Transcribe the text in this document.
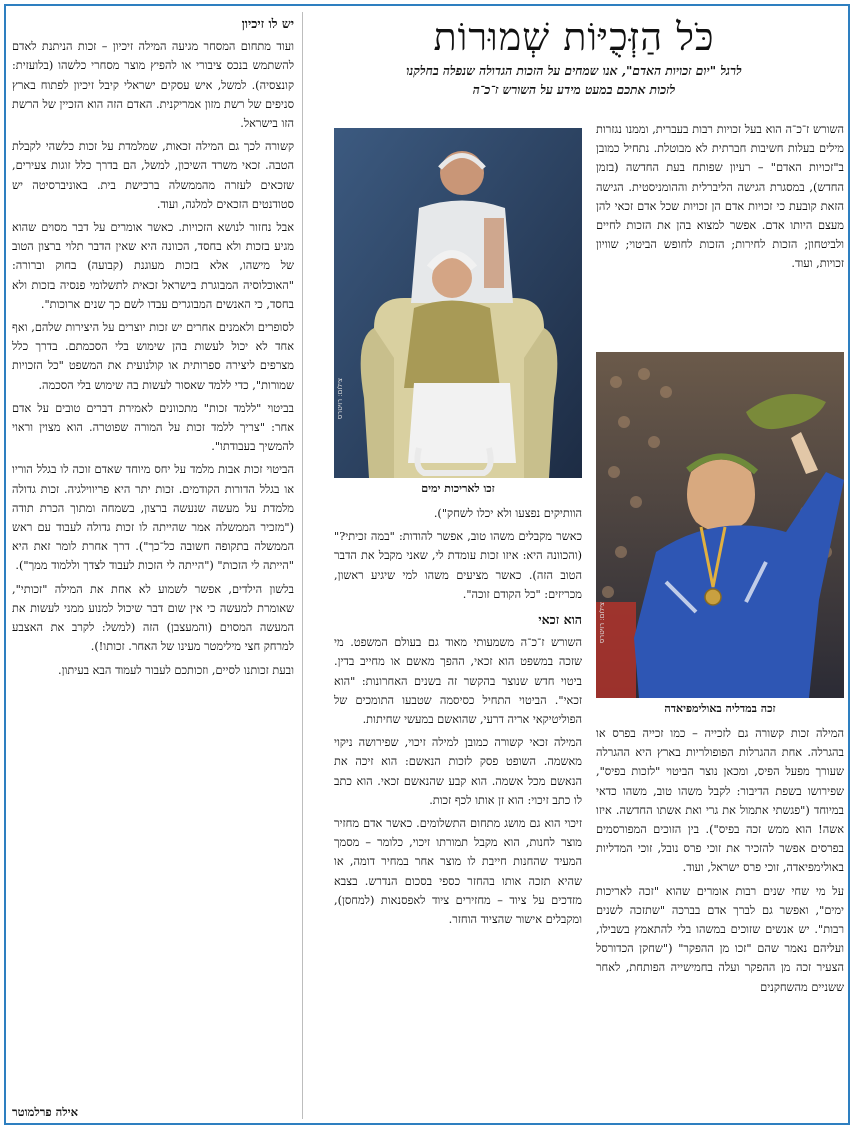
כֹּל הַזְּכֻיּוֹת שְׁמוּרוֹת
לרגל "יום זכויות האדם", אנו שמחים על הזכות הגדולה שנפלה בחלקנו
לזכות אתכם במעט מידע על השורש ז־כ־ה

השורש ז־כ־ה הוא בעל זכויות רבות בעברית, וממנו נגזרות מילים בעלות חשיבות חברתית לא מבוטלת. נתחיל כמובן ב"זכויות האדם" – רעיון שפותח בעת החדשה (בזמן החדש), במסגרת הגישה הליברלית וההומניסטית. הגישה הזאת קובעת כי זכויות אדם הן זכויות שכל אדם זכאי להן מעצם היותו אדם. אפשר למצוא בהן את הזכות לחיים ולביטחון; הזכות לחירות; הזכות לחופש הביטוי; שוויון זכויות, ועוד.

צילום: רויטרס
זכה במדליה באולימפיאדה

המילה זכות קשורה גם לזכייה – כמו זכייה בפרס או בהגרלה. אחת ההגרלות הפופולריות בארץ היא ההגרלה שעורך מפעל הפיס, ומכאן נוצר הביטוי "לזכות בפיס", שפירושו בשפת הדיבור: לקבל משהו טוב, משהו כדאי במיוחד ("פגשתי אתמול את גרי ואת אשתו החדשה. איזו אשה! הוא ממש זכה בפיס"). בין הזוכים המפורסמים בפרסים אפשר להזכיר את זוכי פרס נובל, זוכי המדליות באולימפיאדה, זוכי פרס ישראל, ועוד.

על מי שחי שנים רבות אומרים שהוא "זכה לאריכות ימים", ואפשר גם לברך אדם בברכה "שתזכה לשנים רבות". יש אנשים שזוכים במשהו בלי להתאמץ בשבילו, ועליהם נאמר שהם "זכו מן ההפקר" ("שחקן הכדורסל הצעיר זכה מן ההפקר ועלה בחמישייה הפותחת, לאחר ששניים מהשחקנים

צילום: רויטרס
זכו לאריכות ימים

הוותיקים נפצעו ולא יכלו לשחק").

כאשר מקבלים משהו טוב, אפשר להודות: "במה זכיתי?" (והכוונה היא: איזו זכות עומדת לי, שאני מקבל את הדבר הטוב הזה). כאשר מציעים משהו למי שיגיע ראשון, מכריזים: "כל הקודם זוכה".

הוא זכאי

השורש ז־כ־ה משמעותי מאוד גם בעולם המשפט. מי שזכה במשפט הוא זכאי, ההפך מאשם או מחייב בדין. ביטוי חדש שנוצר בהקשר זה בשנים האחרונות: "הוא זכאי". הביטוי התחיל כסיסמה שטבעו התומכים של הפוליטיקאי אריה דרעי, שהואשם במעשי שחיתות.

המילה זכאי קשורה כמובן למילה זיכוי, שפירושה ניקוי מאשמה. השופט פסק לזכות הנאשם: הוא זיכה את הנאשם מכל אשמה. הוא קבע שהנאשם זכאי. הוא כתב לו כתב זיכוי: הוא זן אותו לכף זכות.

זיכוי הוא גם מושג מתחום התשלומים. כאשר אדם מחזיר מוצר לחנות, הוא מקבל תמורתו זיכוי, כלומר – מסמך המעיד שהחנות חייבת לו מוצר אחר במחיר דומה, או שהיא תזכה אותו בהחזר כספי בסכום הנדרש. בצבא מזדכים על ציוד – מחזירים ציוד לאפסנאות (למחסן), ומקבלים אישור שהציוד הוחזר.

יש לו זיכיון

ועוד מתחום המסחר מגיעה המילה זיכיון – זכות הניתנת לאדם להשתמש בנכס ציבורי או להפיץ מוצר מסחרי כלשהו (בלועזית: קונצסיה). למשל, איש עסקים ישראלי קיבל זיכיון לפתוח בארץ סניפים של רשת מזון אמריקנית. האדם הזה הוא הזכיין של הרשת הזו בישראל.

קשורה לכך גם המילה זכאות, שמלמדת על זכות כלשהי לקבלת הטבה. זכאי משרד השיכון, למשל, הם בדרך כלל זוגות צעירים, שזכאים לעזרה מהממשלה ברכישת בית. באוניברסיטה יש סטודנטים הזכאים למלגה, ועוד.

אבל נחזור לנושא הזכויות. כאשר אומרים על דבר מסוים שהוא מגיע בזכות ולא בחסד, הכוונה היא שאין הדבר תלוי ברצון הטוב של מישהו, אלא בזכות מעוגנת (קבועה) בחוק וברורה: "האוכלוסיה המבוגרת בישראל זכאית לתשלומי פנסיה בזכות ולא בחסד, כי האנשים המבוגרים עבדו לשם כך שנים ארוכות".

לסופרים ולאמנים אחרים יש זכות יוצרים על היצירות שלהם, ואף אחד לא יכול לעשות בהן שימוש בלי הסכמתם. בדרך כלל מצרפים ליצירה ספרותית או קולנועית את המשפט "כל הזכויות שמורות", כדי ללמד שאסור לעשות בה שימוש בלי הסכמה.

בביטוי "ללמד זכות" מתכוונים לאמירת דברים טובים על אדם אחר: "צריך ללמד זכות על המורה שפוטרה. הוא מצוין וראוי להמשיך בעבודתו".

הביטוי זכות אבות מלמד על יחס מיוחד שאדם זוכה לו בגלל הוריו או בגלל הדורות הקודמים. זכות יתר היא פריווילגיה. זכות גדולה מלמדת על מעשה שנעשה ברצון, בשמחה ומתוך הכרת תודה ("מזכיר הממשלה אמר שהייתה לו זכות גדולה לעבוד עם ראש הממשלה בתקופה חשובה כל־כך"). דרך אחרת לומר זאת היא "הייתה לי הזכות" ("הייתה לי הזכות לעבוד לצדך וללמוד ממך").

בלשון הילדים, אפשר לשמוע לא אחת את המילה "זכותי", שאומרת למעשה כי אין שום דבר שיכול למנוע ממני לעשות את המעשה המסוים (והמעצבן) הזה (למשל: לקרב את האצבע למרחק חצי מילימטר מעינו של האחר. זכותו!).

ובעת זכותנו לסיים, וזכותכם לעבור לעמוד הבא בעיתון.

אילה פרלמוטר
